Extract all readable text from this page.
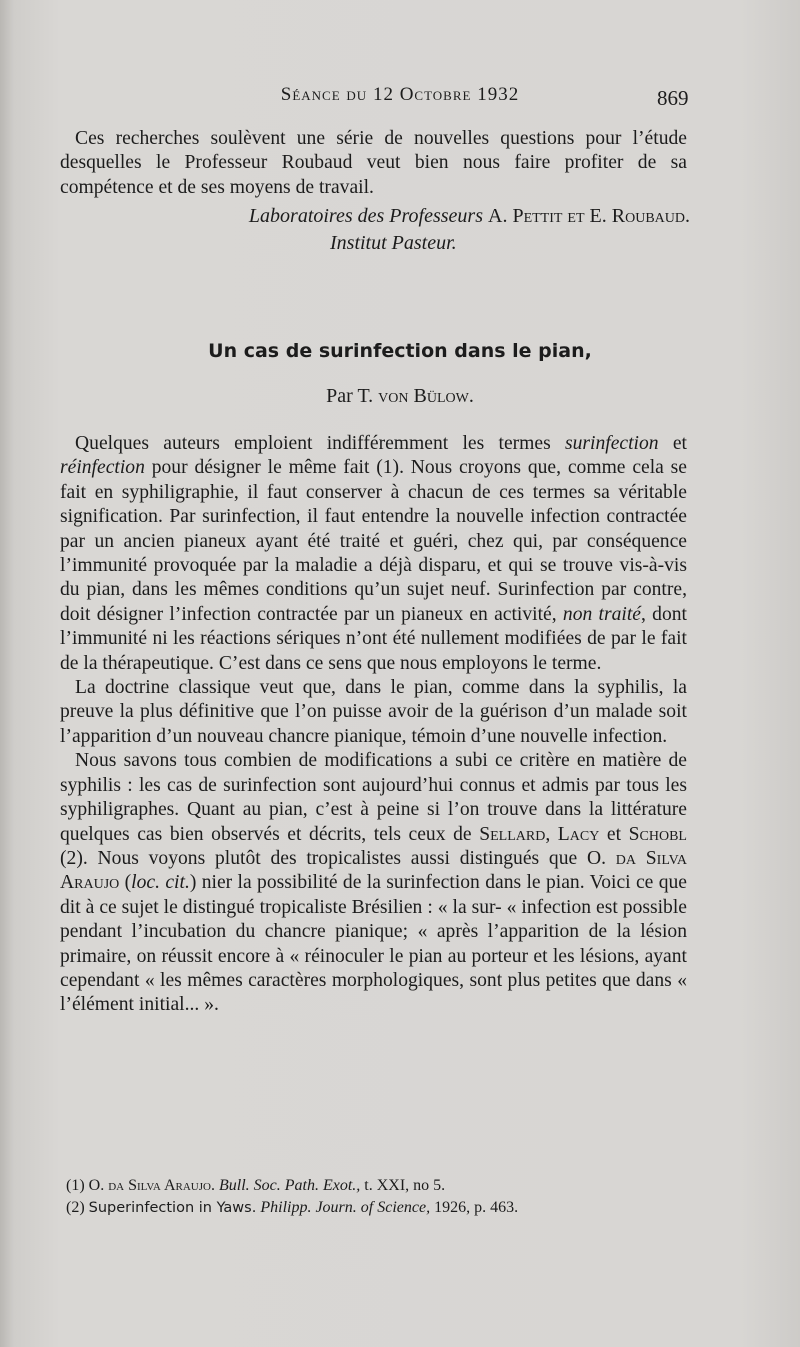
Séance du 12 Octobre 1932	869

Ces recherches soulèvent une série de nouvelles questions pour l’étude desquelles le Professeur Roubaud veut bien nous faire profiter de sa compétence et de ses moyens de travail.

Laboratoires des Professeurs A. Pettit et E. Roubaud.
Institut Pasteur.
Un cas de surinfection dans le pian,
Par T. von Bülow.

Quelques auteurs emploient indifféremment les termes surinfection et réinfection pour désigner le même fait (1). Nous croyons que, comme cela se fait en syphiligraphie, il faut conserver à chacun de ces termes sa véritable signification. Par surinfection, il faut entendre la nouvelle infection contractée par un ancien pianeux ayant été traité et guéri, chez qui, par conséquence l’immunité provoquée par la maladie a déjà disparu, et qui se trouve vis-à-vis du pian, dans les mêmes conditions qu’un sujet neuf. Surinfection par contre, doit désigner l’infection contractée par un pianeux en activité, non traité, dont l’immunité ni les réactions sériques n’ont été nullement modifiées de par le fait de la thérapeutique. C’est dans ce sens que nous employons le terme.

La doctrine classique veut que, dans le pian, comme dans la syphilis, la preuve la plus définitive que l’on puisse avoir de la guérison d’un malade soit l’apparition d’un nouveau chancre pianique, témoin d’une nouvelle infection.

Nous savons tous combien de modifications a subi ce critère en matière de syphilis : les cas de surinfection sont aujourd’hui connus et admis par tous les syphiligraphes. Quant au pian, c’est à peine si l’on trouve dans la littérature quelques cas bien observés et décrits, tels ceux de Sellard, Lacy et Schobl (2). Nous voyons plutôt des tropicalistes aussi distingués que O. da Silva Araujo (loc. cit.) nier la possibilité de la surinfection dans le pian. Voici ce que dit à ce sujet le distingué tropicaliste Brésilien : « la sur- « infection est possible pendant l’incubation du chancre pianique; « après l’apparition de la lésion primaire, on réussit encore à « réinoculer le pian au porteur et les lésions, ayant cependant « les mêmes caractères morphologiques, sont plus petites que dans « l’élément initial... ».

(1) O. da Silva Araujo. Bull. Soc. Path. Exot., t. XXI, no 5.
(2) Superinfection in Yaws. Philipp. Journ. of Science, 1926, p. 463.
